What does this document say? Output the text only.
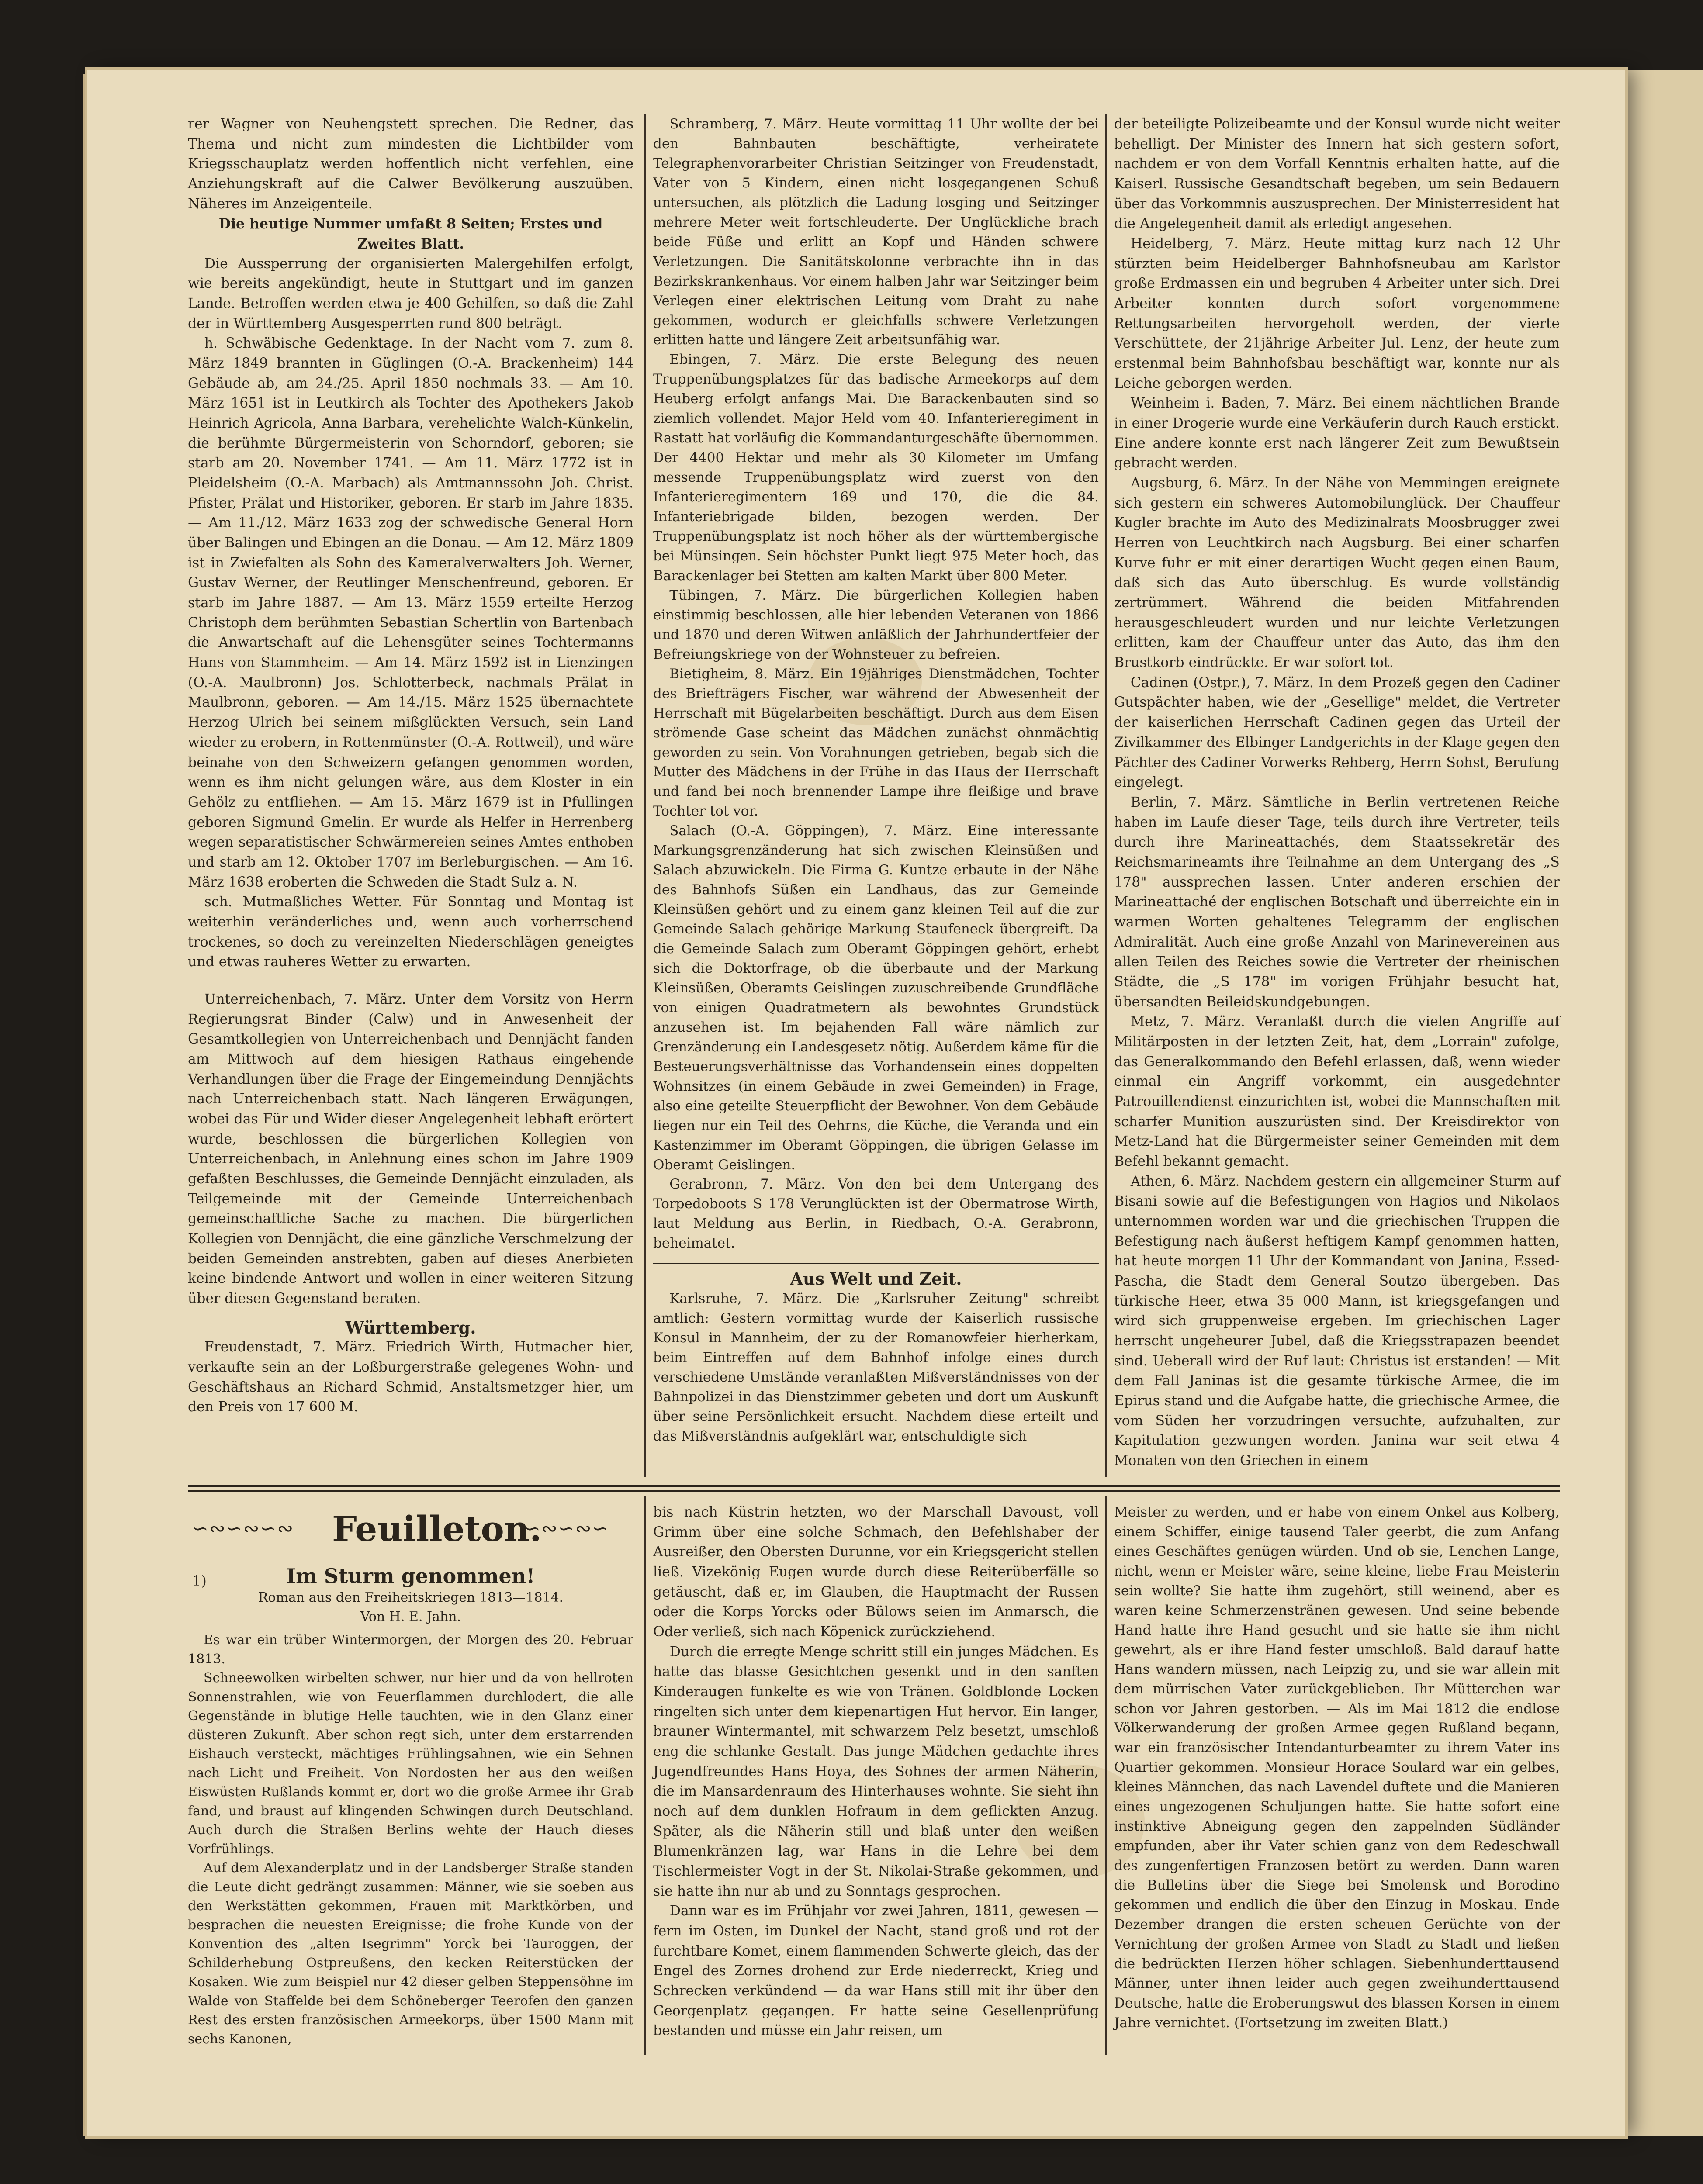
rer Wagner von Neuhengstett sprechen. Die Redner, das Thema und nicht zum mindesten die Lichtbilder vom Kriegsschauplatz werden hoffentlich nicht verfehlen, eine Anziehungskraft auf die Calwer Bevölkerung auszuüben. Näheres im Anzeigenteile.

Die heutige Nummer umfaßt 8 Seiten; Erstes und Zweites Blatt.

Die Aussperrung der organisierten Malergehilfen erfolgt, wie bereits angekündigt, heute in Stuttgart und im ganzen Lande. Betroffen werden etwa je 400 Gehilfen, so daß die Zahl der in Württemberg Ausgesperrten rund 800 beträgt.

h. Schwäbische Gedenktage. In der Nacht vom 7. zum 8. März 1849 brannten in Güglingen (O.-A. Brackenheim) 144 Gebäude ab, am 24./25. April 1850 nochmals 33. — Am 10. März 1651 ist in Leutkirch als Tochter des Apothekers Jakob Heinrich Agricola, Anna Barbara, verehelichte Walch-Künkelin, die berühmte Bürgermeisterin von Schorndorf, geboren; sie starb am 20. November 1741. — Am 11. März 1772 ist in Pleidelsheim (O.-A. Marbach) als Amtmannssohn Joh. Christ. Pfister, Prälat und Historiker, geboren. Er starb im Jahre 1835. — Am 11./12. März 1633 zog der schwedische General Horn über Balingen und Ebingen an die Donau. — Am 12. März 1809 ist in Zwiefalten als Sohn des Kameralverwalters Joh. Werner, Gustav Werner, der Reutlinger Menschenfreund, geboren. Er starb im Jahre 1887. — Am 13. März 1559 erteilte Herzog Christoph dem berühmten Sebastian Schertlin von Bartenbach die Anwartschaft auf die Lehensgüter seines Tochtermanns Hans von Stammheim. — Am 14. März 1592 ist in Lienzingen (O.-A. Maulbronn) Jos. Schlotterbeck, nachmals Prälat in Maulbronn, geboren. — Am 14./15. März 1525 übernachtete Herzog Ulrich bei seinem mißglückten Versuch, sein Land wieder zu erobern, in Rottenmünster (O.-A. Rottweil), und wäre beinahe von den Schweizern gefangen genommen worden, wenn es ihm nicht gelungen wäre, aus dem Kloster in ein Gehölz zu entfliehen. — Am 15. März 1679 ist in Pfullingen geboren Sigmund Gmelin. Er wurde als Helfer in Herrenberg wegen separatistischer Schwärmereien seines Amtes enthoben und starb am 12. Oktober 1707 im Berleburgischen. — Am 16. März 1638 eroberten die Schweden die Stadt Sulz a. N.

sch. Mutmaßliches Wetter. Für Sonntag und Montag ist weiterhin veränderliches und, wenn auch vorherrschend trockenes, so doch zu vereinzelten Niederschlägen geneigtes und etwas rauheres Wetter zu erwarten.

Unterreichenbach, 7. März. Unter dem Vorsitz von Herrn Regierungsrat Binder (Calw) und in Anwesenheit der Gesamtkollegien von Unterreichenbach und Dennjächt fanden am Mittwoch auf dem hiesigen Rathaus eingehende Verhandlungen über die Frage der Eingemeindung Dennjächts nach Unterreichenbach statt. Nach längeren Erwägungen, wobei das Für und Wider dieser Angelegenheit lebhaft erörtert wurde, beschlossen die bürgerlichen Kollegien von Unterreichenbach, in Anlehnung eines schon im Jahre 1909 gefaßten Beschlusses, die Gemeinde Dennjächt einzuladen, als Teilgemeinde mit der Gemeinde Unterreichenbach gemeinschaftliche Sache zu machen. Die bürgerlichen Kollegien von Dennjächt, die eine gänzliche Verschmelzung der beiden Gemeinden anstrebten, gaben auf dieses Anerbieten keine bindende Antwort und wollen in einer weiteren Sitzung über diesen Gegenstand beraten.

Württemberg.

Freudenstadt, 7. März. Friedrich Wirth, Hutmacher hier, verkaufte sein an der Loßburgerstraße gelegenes Wohn- und Geschäftshaus an Richard Schmid, Anstaltsmetzger hier, um den Preis von 17 600 M.

Schramberg, 7. März. Heute vormittag 11 Uhr wollte der bei den Bahnbauten beschäftigte, verheiratete Telegraphenvorarbeiter Christian Seitzinger von Freudenstadt, Vater von 5 Kindern, einen nicht losgegangenen Schuß untersuchen, als plötzlich die Ladung losging und Seitzinger mehrere Meter weit fortschleuderte. Der Unglückliche brach beide Füße und erlitt an Kopf und Händen schwere Verletzungen. Die Sanitätskolonne verbrachte ihn in das Bezirkskrankenhaus. Vor einem halben Jahr war Seitzinger beim Verlegen einer elektrischen Leitung vom Draht zu nahe gekommen, wodurch er gleichfalls schwere Verletzungen erlitten hatte und längere Zeit arbeitsunfähig war.

Ebingen, 7. März. Die erste Belegung des neuen Truppenübungsplatzes für das badische Armeekorps auf dem Heuberg erfolgt anfangs Mai. Die Barackenbauten sind so ziemlich vollendet. Major Held vom 40. Infanterieregiment in Rastatt hat vorläufig die Kommandanturgeschäfte übernommen. Der 4400 Hektar und mehr als 30 Kilometer im Umfang messende Truppenübungsplatz wird zuerst von den Infanterieregimentern 169 und 170, die die 84. Infanteriebrigade bilden, bezogen werden. Der Truppenübungsplatz ist noch höher als der württembergische bei Münsingen. Sein höchster Punkt liegt 975 Meter hoch, das Barackenlager bei Stetten am kalten Markt über 800 Meter.

Tübingen, 7. März. Die bürgerlichen Kollegien haben einstimmig beschlossen, alle hier lebenden Veteranen von 1866 und 1870 und deren Witwen anläßlich der Jahrhundertfeier der Befreiungskriege von der Wohnsteuer zu befreien.

Bietigheim, 8. März. Ein 19jähriges Dienstmädchen, Tochter des Briefträgers Fischer, war während der Abwesenheit der Herrschaft mit Bügelarbeiten beschäftigt. Durch aus dem Eisen strömende Gase scheint das Mädchen zunächst ohnmächtig geworden zu sein. Von Vorahnungen getrieben, begab sich die Mutter des Mädchens in der Frühe in das Haus der Herrschaft und fand bei noch brennender Lampe ihre fleißige und brave Tochter tot vor.

Salach (O.-A. Göppingen), 7. März. Eine interessante Markungsgrenzänderung hat sich zwischen Kleinsüßen und Salach abzuwickeln. Die Firma G. Kuntze erbaute in der Nähe des Bahnhofs Süßen ein Landhaus, das zur Gemeinde Kleinsüßen gehört und zu einem ganz kleinen Teil auf die zur Gemeinde Salach gehörige Markung Staufeneck übergreift. Da die Gemeinde Salach zum Oberamt Göppingen gehört, erhebt sich die Doktorfrage, ob die überbaute und der Markung Kleinsüßen, Oberamts Geislingen zuzuschreibende Grundfläche von einigen Quadratmetern als bewohntes Grundstück anzusehen ist. Im bejahenden Fall wäre nämlich zur Grenzänderung ein Landesgesetz nötig. Außerdem käme für die Besteuerungsverhältnisse das Vorhandensein eines doppelten Wohnsitzes (in einem Gebäude in zwei Gemeinden) in Frage, also eine geteilte Steuerpflicht der Bewohner. Von dem Gebäude liegen nur ein Teil des Oehrns, die Küche, die Veranda und ein Kastenzimmer im Oberamt Göppingen, die übrigen Gelasse im Oberamt Geislingen.

Gerabronn, 7. März. Von den bei dem Untergang des Torpedoboots S 178 Verunglückten ist der Obermatrose Wirth, laut Meldung aus Berlin, in Riedbach, O.-A. Gerabronn, beheimatet.

Aus Welt und Zeit.

Karlsruhe, 7. März. Die „Karlsruher Zeitung" schreibt amtlich: Gestern vormittag wurde der Kaiserlich russische Konsul in Mannheim, der zu der Romanowfeier hierherkam, beim Eintreffen auf dem Bahnhof infolge eines durch verschiedene Umstände veranlaßten Mißverständnisses von der Bahnpolizei in das Dienstzimmer gebeten und dort um Auskunft über seine Persönlichkeit ersucht. Nachdem diese erteilt und das Mißverständnis aufgeklärt war, entschuldigte sich

der beteiligte Polizeibeamte und der Konsul wurde nicht weiter behelligt. Der Minister des Innern hat sich gestern sofort, nachdem er von dem Vorfall Kenntnis erhalten hatte, auf die Kaiserl. Russische Gesandtschaft begeben, um sein Bedauern über das Vorkommnis auszusprechen. Der Ministerresident hat die Angelegenheit damit als erledigt angesehen.

Heidelberg, 7. März. Heute mittag kurz nach 12 Uhr stürzten beim Heidelberger Bahnhofsneubau am Karlstor große Erdmassen ein und begruben 4 Arbeiter unter sich. Drei Arbeiter konnten durch sofort vorgenommene Rettungsarbeiten hervorgeholt werden, der vierte Verschüttete, der 21jährige Arbeiter Jul. Lenz, der heute zum erstenmal beim Bahnhofsbau beschäftigt war, konnte nur als Leiche geborgen werden.

Weinheim i. Baden, 7. März. Bei einem nächtlichen Brande in einer Drogerie wurde eine Verkäuferin durch Rauch erstickt. Eine andere konnte erst nach längerer Zeit zum Bewußtsein gebracht werden.

Augsburg, 6. März. In der Nähe von Memmingen ereignete sich gestern ein schweres Automobilunglück. Der Chauffeur Kugler brachte im Auto des Medizinalrats Moosbrugger zwei Herren von Leuchtkirch nach Augsburg. Bei einer scharfen Kurve fuhr er mit einer derartigen Wucht gegen einen Baum, daß sich das Auto überschlug. Es wurde vollständig zertrümmert. Während die beiden Mitfahrenden herausgeschleudert wurden und nur leichte Verletzungen erlitten, kam der Chauffeur unter das Auto, das ihm den Brustkorb eindrückte. Er war sofort tot.

Cadinen (Ostpr.), 7. März. In dem Prozeß gegen den Cadiner Gutspächter haben, wie der „Gesellige" meldet, die Vertreter der kaiserlichen Herrschaft Cadinen gegen das Urteil der Zivilkammer des Elbinger Landgerichts in der Klage gegen den Pächter des Cadiner Vorwerks Rehberg, Herrn Sohst, Berufung eingelegt.

Berlin, 7. März. Sämtliche in Berlin vertretenen Reiche haben im Laufe dieser Tage, teils durch ihre Vertreter, teils durch ihre Marineattachés, dem Staatssekretär des Reichsmarineamts ihre Teilnahme an dem Untergang des „S 178" aussprechen lassen. Unter anderen erschien der Marineattaché der englischen Botschaft und überreichte ein in warmen Worten gehaltenes Telegramm der englischen Admiralität. Auch eine große Anzahl von Marinevereinen aus allen Teilen des Reiches sowie die Vertreter der rheinischen Städte, die „S 178" im vorigen Frühjahr besucht hat, übersandten Beileidskundgebungen.

Metz, 7. März. Veranlaßt durch die vielen Angriffe auf Militärposten in der letzten Zeit, hat, dem „Lorrain" zufolge, das Generalkommando den Befehl erlassen, daß, wenn wieder einmal ein Angriff vorkommt, ein ausgedehnter Patrouillendienst einzurichten ist, wobei die Mannschaften mit scharfer Munition auszurüsten sind. Der Kreisdirektor von Metz-Land hat die Bürgermeister seiner Gemeinden mit dem Befehl bekannt gemacht.

Athen, 6. März. Nachdem gestern ein allgemeiner Sturm auf Bisani sowie auf die Befestigungen von Hagios und Nikolaos unternommen worden war und die griechischen Truppen die Befestigung nach äußerst heftigem Kampf genommen hatten, hat heute morgen 11 Uhr der Kommandant von Janina, Essed-Pascha, die Stadt dem General Soutzo übergeben. Das türkische Heer, etwa 35 000 Mann, ist kriegsgefangen und wird sich gruppenweise ergeben. Im griechischen Lager herrscht ungeheurer Jubel, daß die Kriegsstrapazen beendet sind. Ueberall wird der Ruf laut: Christus ist erstanden! — Mit dem Fall Janinas ist die gesamte türkische Armee, die im Epirus stand und die Aufgabe hatte, die griechische Armee, die vom Süden her vorzudringen versuchte, aufzuhalten, zur Kapitulation gezwungen worden. Janina war seit etwa 4 Monaten von den Griechen in einem

∽∾∽∾∽∾ Feuilleton.
∽∾∽∾∽
1)	Im Sturm genommen!

Roman aus den Freiheitskriegen 1813—1814.

Von H. E. Jahn.

Es war ein trüber Wintermorgen, der Morgen des 20. Februar 1813.

Schneewolken wirbelten schwer, nur hier und da von hellroten Sonnenstrahlen, wie von Feuerflammen durchlodert, die alle Gegenstände in blutige Helle tauchten, wie in den Glanz einer düsteren Zukunft. Aber schon regt sich, unter dem erstarrenden Eishauch versteckt, mächtiges Frühlingsahnen, wie ein Sehnen nach Licht und Freiheit. Von Nordosten her aus den weißen Eiswüsten Rußlands kommt er, dort wo die große Armee ihr Grab fand, und braust auf klingenden Schwingen durch Deutschland. Auch durch die Straßen Berlins wehte der Hauch dieses Vorfrühlings.

Auf dem Alexanderplatz und in der Landsberger Straße standen die Leute dicht gedrängt zusammen: Männer, wie sie soeben aus den Werkstätten gekommen, Frauen mit Marktkörben, und besprachen die neuesten Ereignisse; die frohe Kunde von der Konvention des „alten Isegrimm" Yorck bei Tauroggen, der Schilderhebung Ostpreußens, den kecken Reiterstücken der Kosaken. Wie zum Beispiel nur 42 dieser gelben Steppensöhne im Walde von Staffelde bei dem Schöneberger Teerofen den ganzen Rest des ersten französischen Armeekorps, über 1500 Mann mit sechs Kanonen,

bis nach Küstrin hetzten, wo der Marschall Davoust, voll Grimm über eine solche Schmach, den Befehlshaber der Ausreißer, den Obersten Durunne, vor ein Kriegsgericht stellen ließ. Vizekönig Eugen wurde durch diese Reiterüberfälle so getäuscht, daß er, im Glauben, die Hauptmacht der Russen oder die Korps Yorcks oder Bülows seien im Anmarsch, die Oder verließ, sich nach Köpenick zurückziehend.

Durch die erregte Menge schritt still ein junges Mädchen. Es hatte das blasse Gesichtchen gesenkt und in den sanften Kinderaugen funkelte es wie von Tränen. Goldblonde Locken ringelten sich unter dem kiepenartigen Hut hervor. Ein langer, brauner Wintermantel, mit schwarzem Pelz besetzt, umschloß eng die schlanke Gestalt. Das junge Mädchen gedachte ihres Jugendfreundes Hans Hoya, des Sohnes der armen Näherin, die im Mansardenraum des Hinterhauses wohnte. Sie sieht ihn noch auf dem dunklen Hofraum in dem geflickten Anzug. Später, als die Näherin still und blaß unter den weißen Blumenkränzen lag, war Hans in die Lehre bei dem Tischlermeister Vogt in der St. Nikolai-Straße gekommen, und sie hatte ihn nur ab und zu Sonntags gesprochen.

Dann war es im Frühjahr vor zwei Jahren, 1811, gewesen — fern im Osten, im Dunkel der Nacht, stand groß und rot der furchtbare Komet, einem flammenden Schwerte gleich, das der Engel des Zornes drohend zur Erde niederreckt, Krieg und Schrecken verkündend — da war Hans still mit ihr über den Georgenplatz gegangen. Er hatte seine Gesellenprüfung bestanden und müsse ein Jahr reisen, um

Meister zu werden, und er habe von einem Onkel aus Kolberg, einem Schiffer, einige tausend Taler geerbt, die zum Anfang eines Geschäftes genügen würden. Und ob sie, Lenchen Lange, nicht, wenn er Meister wäre, seine kleine, liebe Frau Meisterin sein wollte? Sie hatte ihm zugehört, still weinend, aber es waren keine Schmerzenstränen gewesen. Und seine bebende Hand hatte ihre Hand gesucht und sie hatte sie ihm nicht gewehrt, als er ihre Hand fester umschloß. Bald darauf hatte Hans wandern müssen, nach Leipzig zu, und sie war allein mit dem mürrischen Vater zurückgeblieben. Ihr Mütterchen war schon vor Jahren gestorben. — Als im Mai 1812 die endlose Völkerwanderung der großen Armee gegen Rußland begann, war ein französischer Intendanturbeamter zu ihrem Vater ins Quartier gekommen. Monsieur Horace Soulard war ein gelbes, kleines Männchen, das nach Lavendel duftete und die Manieren eines ungezogenen Schuljungen hatte. Sie hatte sofort eine instinktive Abneigung gegen den zappelnden Südländer empfunden, aber ihr Vater schien ganz von dem Redeschwall des zungenfertigen Franzosen betört zu werden. Dann waren die Bulletins über die Siege bei Smolensk und Borodino gekommen und endlich die über den Einzug in Moskau. Ende Dezember drangen die ersten scheuen Gerüchte von der Vernichtung der großen Armee von Stadt zu Stadt und ließen die bedrückten Herzen höher schlagen. Siebenhunderttausend Männer, unter ihnen leider auch gegen zweihunderttausend Deutsche, hatte die Eroberungswut des blassen Korsen in einem Jahre vernichtet. (Fortsetzung im zweiten Blatt.)
